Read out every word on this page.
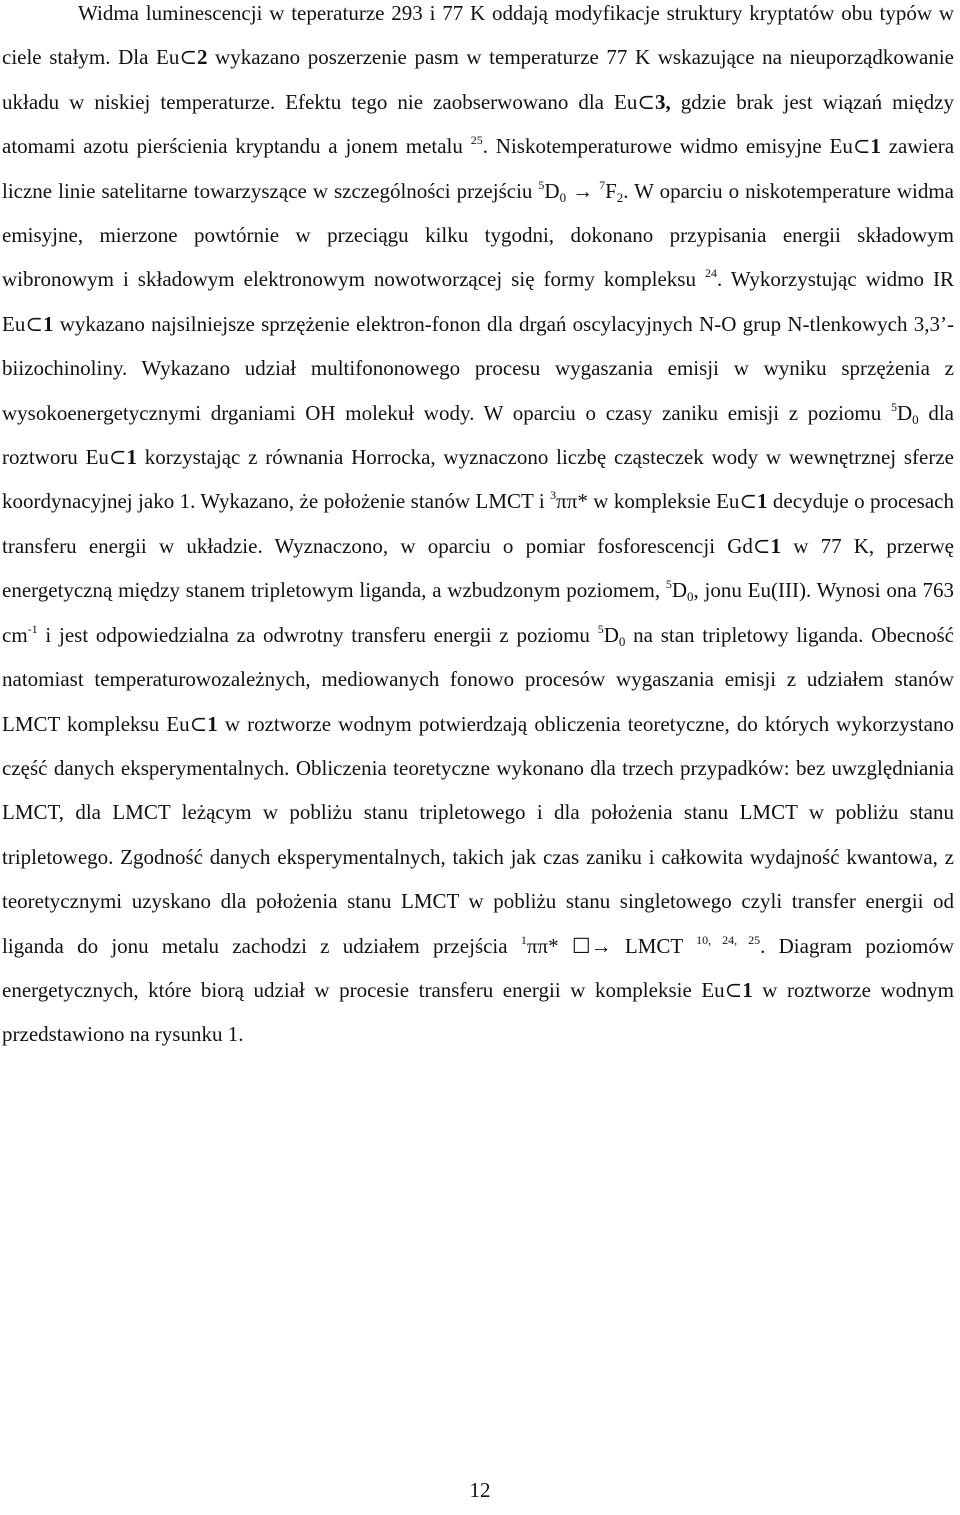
Widma luminescencji w teperaturze 293 i 77 K oddają modyfikacje struktury kryptatów obu typów w ciele stałym. Dla Eu⊂2 wykazano poszerzenie pasm w temperaturze 77 K wskazujące na nieuporządkowanie układu w niskiej temperaturze. Efektu tego nie zaobserwowano dla Eu⊂3, gdzie brak jest wiązań między atomami azotu pierścienia kryptandu a jonem metalu $^{25}$. Niskotemperaturowe widmo emisyjne Eu⊂1 zawiera liczne linie satelitarne towarzyszące w szczególności przejściu $^5D_0 \to ^7F_2$. W oparciu o niskotemperature widma emisyjne, mierzone powtórnie w przeciągu kilku tygodni, dokonano przypisania energii składowym wibronowym i składowym elektronowym nowotworzącej się formy kompleksu $^{24}$. Wykorzystując widmo IR Eu⊂1 wykazano najsilniejsze sprzężenie elektron-fonon dla drgań oscylacyjnych N-O grup N-tlenkowych 3,3’-biizochinoliny. Wykazano udział multifononowego procesu wygaszania emisji w wyniku sprzężenia z wysokoenergetycznymi drganiami OH molekuł wody. W oparciu o czasy zaniku emisji z poziomu $^5D_0$ dla roztworu Eu⊂1 korzystając z równania Horrocka, wyznaczono liczbę cząsteczek wody w wewnętrznej sferze koordynacyjnej jako 1. Wykazano, że położenie stanów LMCT i $^3$ππ* w kompleksie Eu⊂1 decyduje o procesach transferu energii w układzie. Wyznaczono, w oparciu o pomiar fosforescencji Gd⊂1 w 77 K, przerwę energetyczną między stanem tripletowym liganda, a wzbudzonym poziomem, $^5D_0$, jonu Eu(III). Wynosi ona 763 $cm^{-1}$ i jest odpowiedzialna za odwrotny transferu energii z poziomu $^5D_0$ na stan tripletowy liganda. Obecność natomiast temperaturowozależnych, mediowanych fonowo procesów wygaszania emisji z udziałem stanów LMCT kompleksu Eu⊂1 w roztworze wodnym potwierdzają obliczenia teoretyczne, do których wykorzystano część danych eksperymentalnych. Obliczenia teoretyczne wykonano dla trzech przypadków: bez uwzględniania LMCT, dla LMCT leżącym w pobliżu stanu tripletowego i dla położenia stanu LMCT w pobliżu stanu tripletowego. Zgodność danych eksperymentalnych, takich jak czas zaniku i całkowita wydajność kwantowa, z teoretycznymi uzyskano dla położenia stanu LMCT w pobliżu stanu singletowego czyli transfer energii od liganda do jonu metalu zachodzi z udziałem przejścia $^1$ππ* ☐→ LMCT $^{10, 24, 25}$. Diagram poziomów energetycznych, które biorą udział w procesie transferu energii w kompleksie Eu⊂1 w roztworze wodnym przedstawiono na rysunku 1.

12
